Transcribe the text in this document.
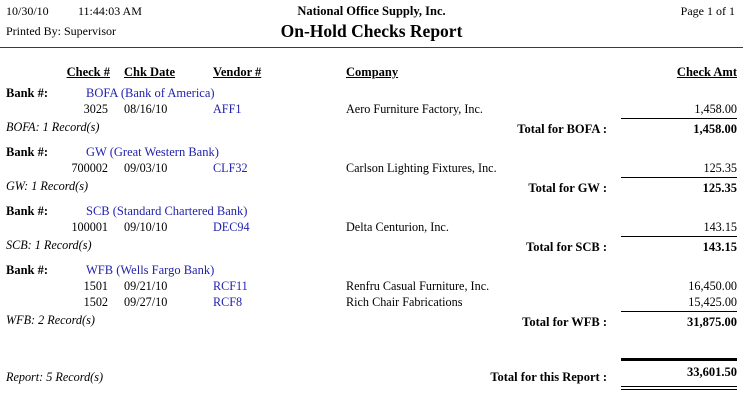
10/30/10 11:44:03 AM	National Office Supply, Inc.	Page 1 of 1
Printed By: Supervisor	On-Hold Checks Report
Check #	Chk Date	Vendor #	Company	Check Amt
Bank #:	BOFA (Bank of America)
3025	08/16/10	AFF1	Aero Furniture Factory, Inc.	1,458.00
BOFA: 1 Record(s)	Total for BOFA :	1,458.00
Bank #:	GW (Great Western Bank)
700002	09/03/10	CLF32	Carlson Lighting Fixtures, Inc.	125.35
GW: 1 Record(s)	Total for GW :	125.35
Bank #:	SCB (Standard Chartered Bank)
100001	09/10/10	DEC94	Delta Centurion, Inc.	143.15
SCB: 1 Record(s)	Total for SCB :	143.15
Bank #:	WFB (Wells Fargo Bank)
1501	09/21/10	RCF11	Renfru Casual Furniture, Inc.	16,450.00
1502	09/27/10	RCF8	Rich Chair Fabrications	15,425.00
WFB: 2 Record(s)	Total for WFB :	31,875.00
Report: 5 Record(s)	Total for this Report :	33,601.50
